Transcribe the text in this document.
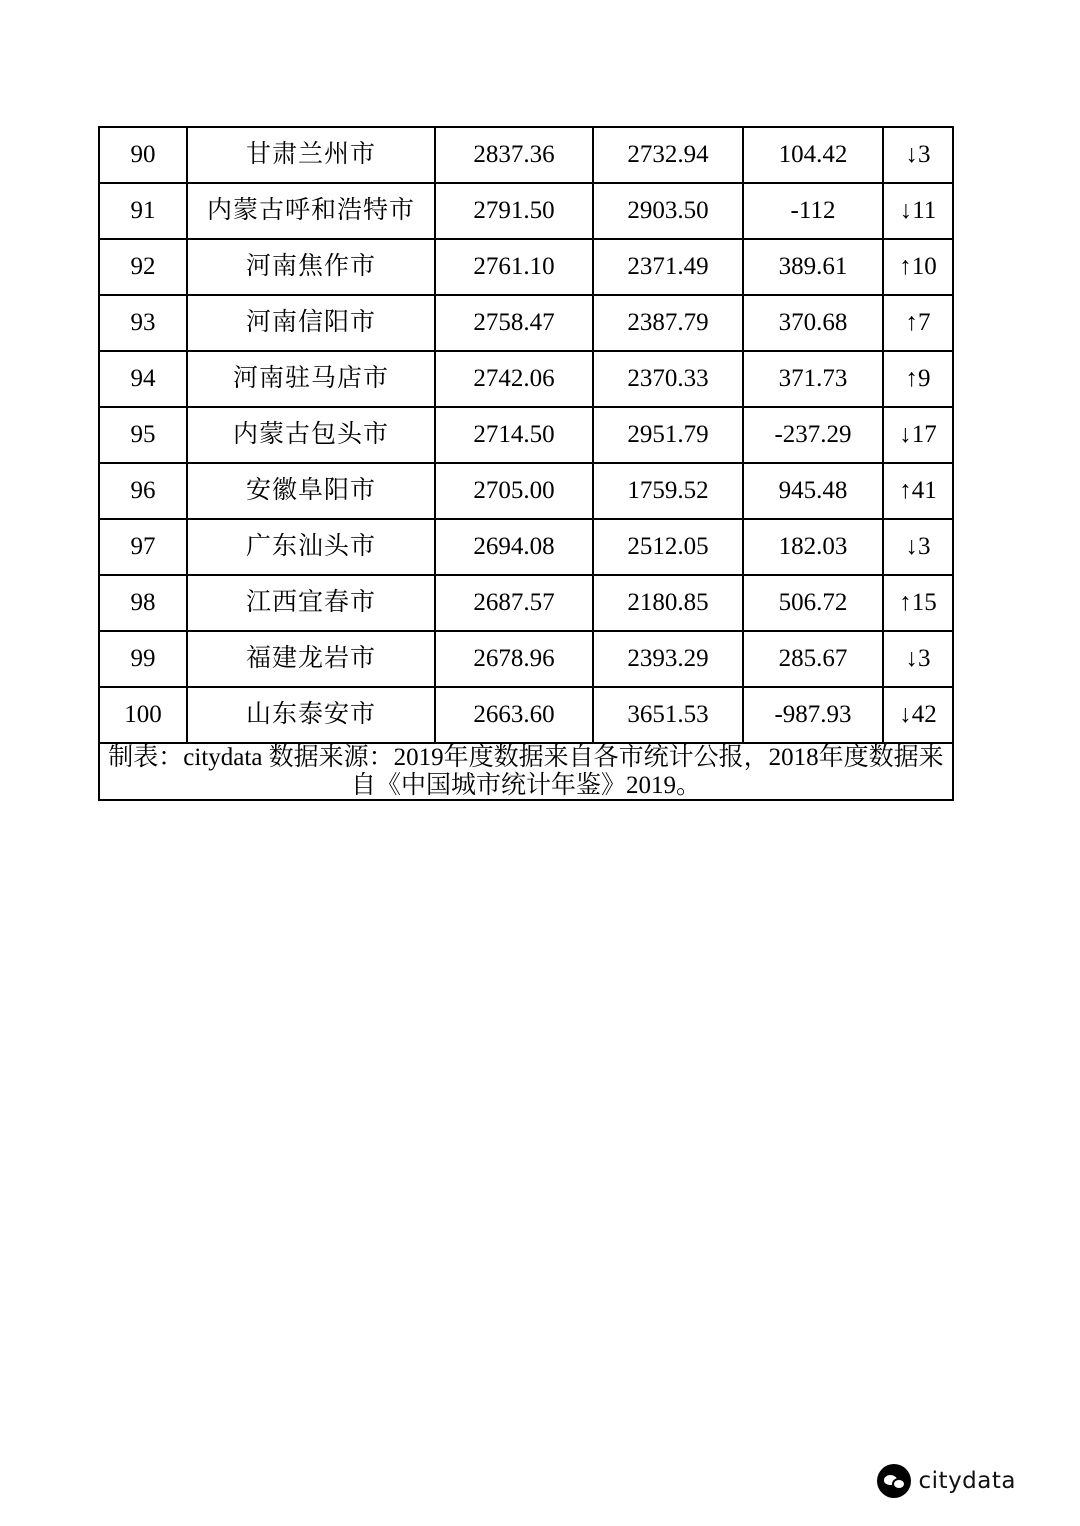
90	甘肃兰州市	2837.36	2732.94	104.42	↓3
91	内蒙古呼和浩特市	2791.50	2903.50	-112	↓11
92	河南焦作市	2761.10	2371.49	389.61	↑10
93	河南信阳市	2758.47	2387.79	370.68	↑7
94	河南驻马店市	2742.06	2370.33	371.73	↑9
95	内蒙古包头市	2714.50	2951.79	-237.29	↓17
96	安徽阜阳市	2705.00	1759.52	945.48	↑41
97	广东汕头市	2694.08	2512.05	182.03	↓3
98	江西宜春市	2687.57	2180.85	506.72	↑15
99	福建龙岩市	2678.96	2393.29	285.67	↓3
100	山东泰安市	2663.60	3651.53	-987.93	↓42
制表：citydata 数据来源：2019年度数据来自各市统计公报，2018年度数据来自《中国城市统计年鉴》2019。					
citydata
